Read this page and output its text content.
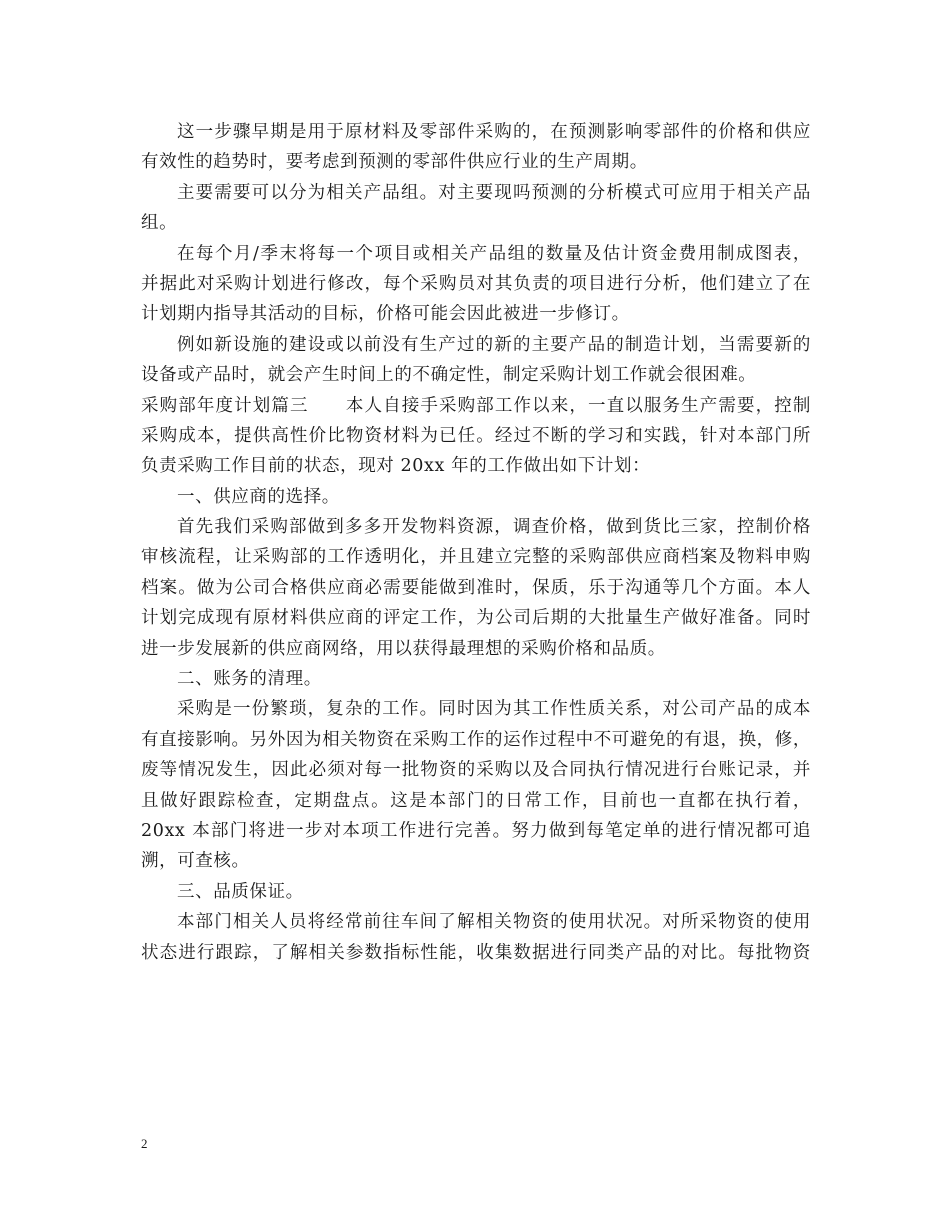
这一步骤早期是用于原材料及零部件采购的，在预测影响零部件的价格和供应
有效性的趋势时，要考虑到预测的零部件供应行业的生产周期。
主要需要可以分为相关产品组。对主要现吗预测的分析模式可应用于相关产品
组。
在每个月/季末将每一个项目或相关产品组的数量及估计资金费用制成图表，
并据此对采购计划进行修改，每个采购员对其负责的项目进行分析，他们建立了在
计划期内指导其活动的目标，价格可能会因此被进一步修订。
例如新设施的建设或以前没有生产过的新的主要产品的制造计划，当需要新的
设备或产品时，就会产生时间上的不确定性，制定采购计划工作就会很困难。
采购部年度计划篇三　　本人自接手采购部工作以来，一直以服务生产需要，控制
采购成本，提供高性价比物资材料为已任。经过不断的学习和实践，针对本部门所
负责采购工作目前的状态，现对 20xx 年的工作做出如下计划：
一、供应商的选择。
首先我们采购部做到多多开发物料资源，调查价格，做到货比三家，控制价格
审核流程，让采购部的工作透明化，并且建立完整的采购部供应商档案及物料申购
档案。做为公司合格供应商必需要能做到准时，保质，乐于沟通等几个方面。本人
计划完成现有原材料供应商的评定工作，为公司后期的大批量生产做好准备。同时
进一步发展新的供应商网络，用以获得最理想的采购价格和品质。
二、账务的清理。
采购是一份繁琐，复杂的工作。同时因为其工作性质关系，对公司产品的成本
有直接影响。另外因为相关物资在采购工作的运作过程中不可避免的有退，换，修，
废等情况发生，因此必须对每一批物资的采购以及合同执行情况进行台账记录，并
且做好跟踪检查，定期盘点。这是本部门的日常工作，目前也一直都在执行着，
20xx 本部门将进一步对本项工作进行完善。努力做到每笔定单的进行情况都可追
溯，可查核。
三、品质保证。
本部门相关人员将经常前往车间了解相关物资的使用状况。对所采物资的使用
状态进行跟踪，了解相关参数指标性能，收集数据进行同类产品的对比。每批物资
2
